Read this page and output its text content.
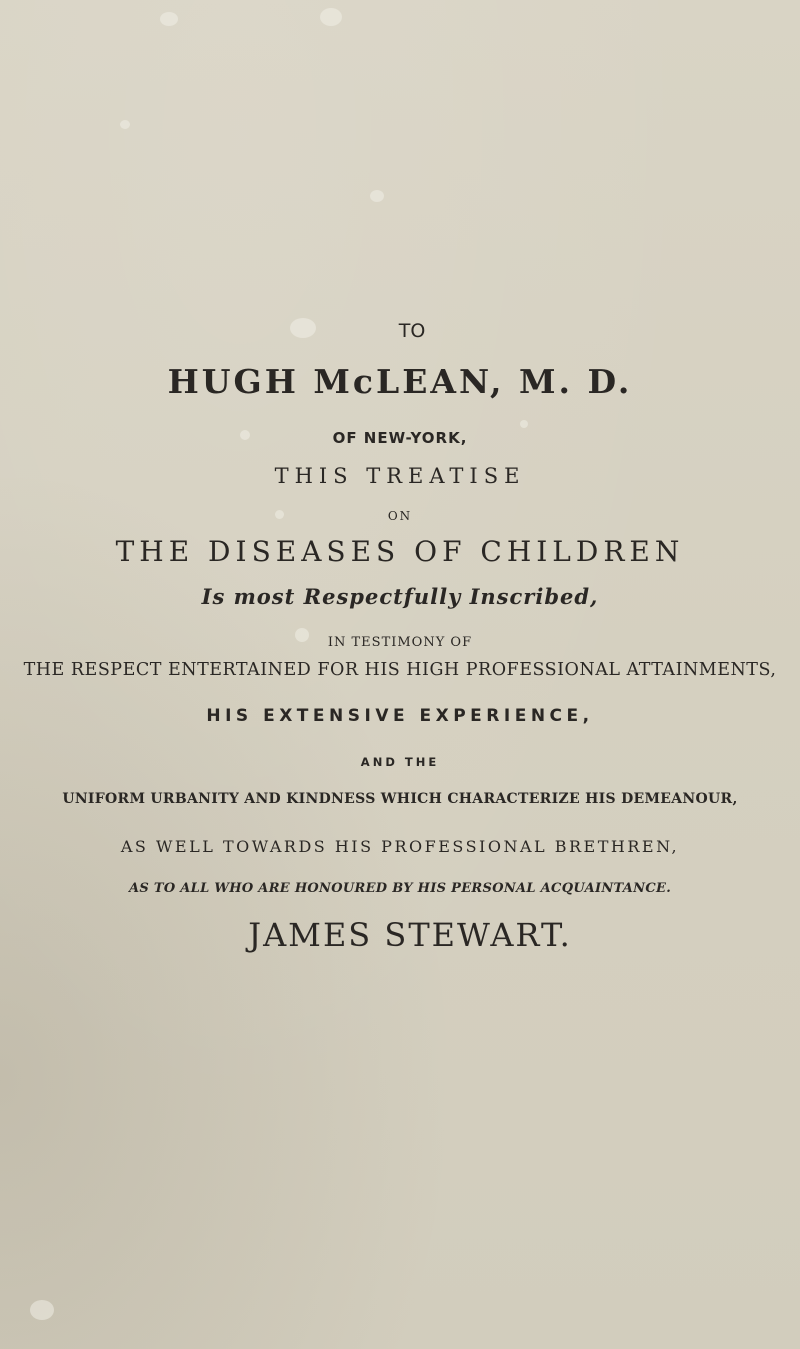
TO
HUGH McLEAN, M. D.
OF NEW-YORK,
THIS TREATISE
ON
THE DISEASES OF CHILDREN
Is most Respectfully Inscribed,
IN TESTIMONY OF
THE RESPECT ENTERTAINED FOR HIS HIGH PROFESSIONAL ATTAINMENTS,
HIS EXTENSIVE EXPERIENCE,
AND THE
UNIFORM URBANITY AND KINDNESS WHICH CHARACTERIZE HIS DEMEANOUR,
AS WELL TOWARDS HIS PROFESSIONAL BRETHREN,
AS TO ALL WHO ARE HONOURED BY HIS PERSONAL ACQUAINTANCE.
JAMES STEWART.
